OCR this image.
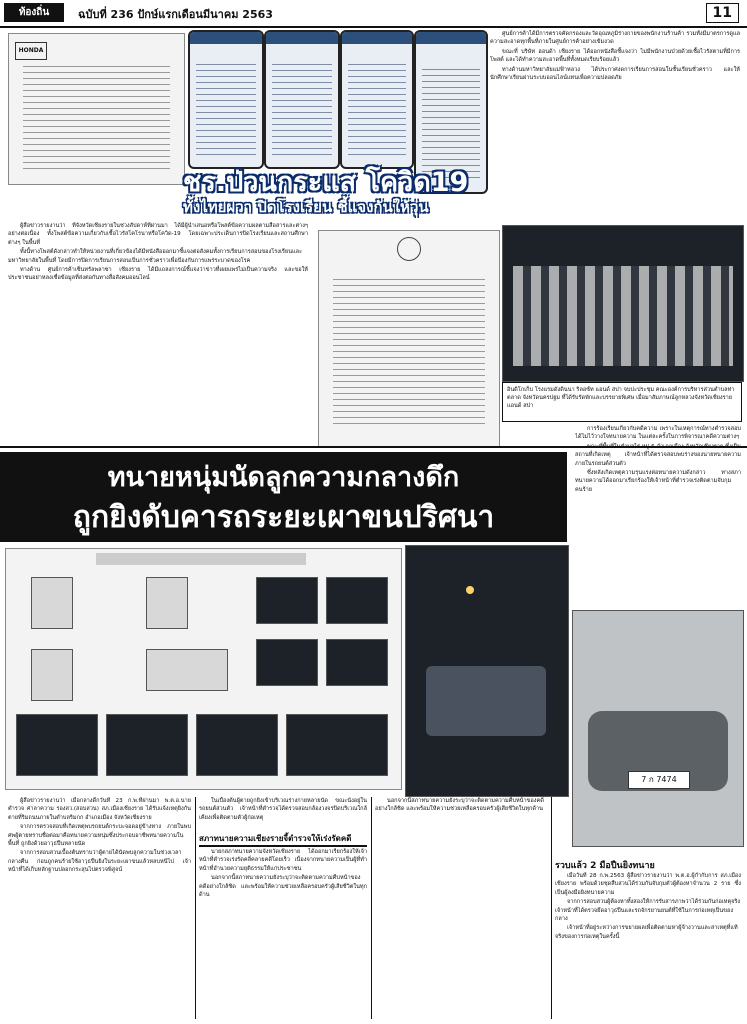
ท้องถิ่น	ฉบับที่ 236 ปักษ์แรกเดือนมีนาคม 2563	11
HONDA
ชร.ป่วนกระแส โควิด19
ทั้งไทยผวา ปิดโรงเรียน ชี้แจงกันให้วุ่น

ศูนย์การค้าได้มีการตรวจคัดกรองและวัดอุณหภูมิร่างกายของพนักงานร้านค้า รวมทั้งมีมาตรการดูแลความสะอาดทุกพื้นที่ภายในศูนย์การค้าอย่างเข้มงวด

ขณะที่ บริษัท ฮอนด้า เชียงราย ได้ออกหนังสือชี้แจงว่า ไม่มีพนักงานป่วยด้วยเชื้อไวรัสตามที่มีการโพสต์ และได้ทำความสะอาดพื้นที่ทั้งหมดเรียบร้อยแล้ว

ทางด้านมหาวิทยาลัยแม่ฟ้าหลวง ได้ประกาศงดการเรียนการสอนในชั้นเรียนชั่วคราว และให้นักศึกษาเรียนผ่านระบบออนไลน์แทนเพื่อความปลอดภัย

ผู้สื่อข่าวรายงานว่า ที่จังหวัดเชียงรายในช่วงสัปดาห์ที่ผ่านมา ได้มีผู้นำเสนอหรือโพสต์ข้อความผลตามสื่อสารและต่างๆ อย่างต่อเนื่อง ทั้งโพสต์ข้อความเกี่ยวกับเชื้อไวรัสโคโรนาหรือโควิด-19 โดยเฉพาะประเด็นการปิดโรงเรียนและสถานศึกษาต่างๆ ในพื้นที่

ทั้งนี้ทางโพสต์ดังกล่าวทำให้หน่วยงานที่เกี่ยวข้องได้มีหนังสือออกมาชี้แจงต่อสังคมทั้งการเรียนการสอนของโรงเรียนและมหาวิทยาลัยในพื้นที่ โดยมีการปิดการเรียนการสอนเป็นการชั่วคราวเพื่อป้องกันการแพร่ระบาดของโรค

ทางด้าน ศูนย์การค้าเซ็นทรัลพลาซา เชียงราย ได้มีแถลงการณ์ชี้แจงว่าข่าวที่เผยแพร่ไม่เป็นความจริง และขอให้ประชาชนอย่าหลงเชื่อข้อมูลที่ส่งต่อกันทางสื่อสังคมออนไลน์

อินดิโกเก็บ โรงแรมดังดินนา ริลอซ์ท แอนด์ สปา จบปะประชุม คณะองค์การบริหารส่วนตำบลท่าตลาด จังหวัดนครปฐม ที่ได้รับรัดพักและบรรยายพิเศษ เมื่อมาสัมภาษณ์ลูกหลวงจังหวัดเชียงราย แอนด์ สปา
ทนายหนุ่มนัดลูกความกลางดึก
ถูกยิงดับคารถระยะเผาขนปริศนา

การร้องเรียนเกี่ยวกับคดีความ เพราะในเหตุการณ์ทางตำรวจสอบได้ไม่ไว้วางใจทนายความ ในแต่ละครั้งในการพิจารณาคดีความต่างๆ

สถานที่เกิดเหตุ เจ้าหน้าที่ได้ตรวจสอบพบร่างของนายทนายความภายในรถยนต์ส่วนตัว

ซึ่งหลังเกิดเหตุความรุนแรงต่อทนายความดังกล่าว ทางสภาทนายความได้ออกมาเรียกร้องให้เจ้าหน้าที่ตำรวจเร่งติดตามจับกุมคนร้าย

7 ก 7474

ผู้สื่อข่าวรายงานว่า เมื่อกลางดึกวันที่ 23 ก.พ.ที่ผ่านมา พ.ต.อ.นายตำรวจ ศาลาความ รองสว.(สอบสวน) สภ.เมืองเชียงราย ได้รับแจ้งเหตุยิงกันตายที่ริมถนนภายในตำบลริมกก อำเภอเมือง จังหวัดเชียงราย

จากการตรวจสอบที่เกิดเหตุพบรถยนต์กระบะจอดอยู่ข้างทาง ภายในพบศพผู้ตายทราบชื่อต่อมาคือทนายความหนุ่มซึ่งประกอบอาชีพทนายความในพื้นที่ ถูกยิงด้วยอาวุธปืนหลายนัด

จากการสอบสวนเบื้องต้นทราบว่าผู้ตายได้นัดพบลูกความในช่วงเวลากลางคืน ก่อนถูกคนร้ายใช้อาวุธปืนยิงในระยะเผาขนแล้วหลบหนีไป เจ้าหน้าที่ได้เก็บหลักฐานปลอกกระสุนไปตรวจพิสูจน์

ในเบื้องต้นผู้ตายถูกยิงเข้าบริเวณร่างกายหลายนัด ขณะนั่งอยู่ในรถยนต์ส่วนตัว เจ้าหน้าที่ตำรวจได้ตรวจสอบกล้องวงจรปิดบริเวณใกล้เคียงเพื่อติดตามตัวผู้ก่อเหตุ

สภาทนายความเชียงรายจี้ตำรวจให้เร่งรัดคดี

นายกสภาทนายความจังหวัดเชียงราย ได้ออกมาเรียกร้องให้เจ้าหน้าที่ตำรวจเร่งรัดคลี่คลายคดีโดยเร็ว เนื่องจากทนายความเป็นผู้ที่ทำหน้าที่อำนวยความยุติธรรมให้แก่ประชาชน

นอกจากนี้สภาทนายความยังระบุว่าจะติดตามความคืบหน้าของคดีอย่างใกล้ชิด และพร้อมให้ความช่วยเหลือครอบครัวผู้เสียชีวิตในทุกด้าน

นอกจากนี้สภาทนายความยังระบุว่าจะติดตามความคืบหน้าของคดีอย่างใกล้ชิด และพร้อมให้ความช่วยเหลือครอบครัวผู้เสียชีวิตในทุกด้าน

รวบแล้ว 2 มือปืนยิงทนาย

เมื่อวันที่ 28 ก.พ.2563 ผู้สื่อข่าวรายงานว่า พ.ต.อ.ผู้กำกับการ สภ.เมืองเชียงราย พร้อมด้วยชุดสืบสวนได้ร่วมกันจับกุมตัวผู้ต้องหาจำนวน 2 ราย ซึ่งเป็นผู้ลงมือยิงทนายความ

จากการสอบสวนผู้ต้องหาทั้งสองให้การรับสารภาพว่าได้ร่วมกันก่อเหตุจริง เจ้าหน้าที่ได้ตรวจยึดอาวุธปืนและรถจักรยานยนต์ที่ใช้ในการก่อเหตุเป็นของกลาง

เจ้าหน้าที่อยู่ระหว่างการขยายผลเพื่อติดตามหาผู้จ้างวานและสาเหตุที่แท้จริงของการก่อเหตุในครั้งนี้
